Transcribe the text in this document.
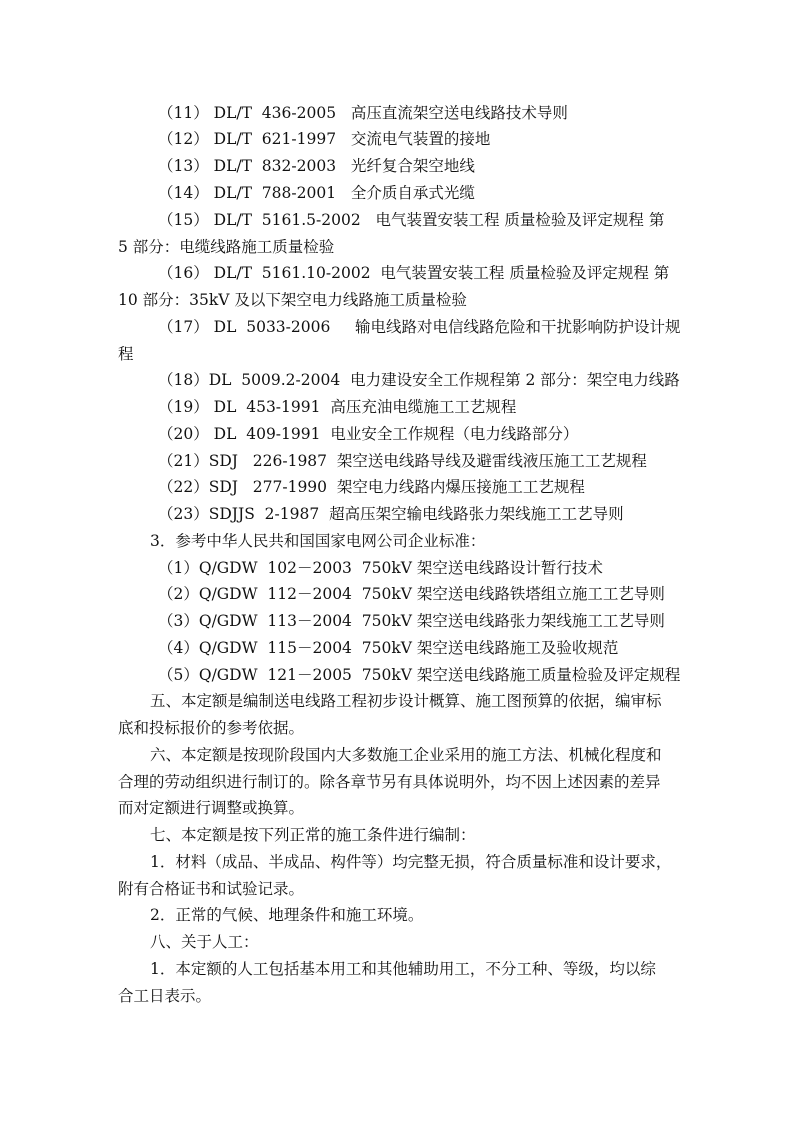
（11） DL/T  436-2005   高压直流架空送电线路技术导则
（12） DL/T  621-1997   交流电气装置的接地
（13） DL/T  832-2003   光纤复合架空地线
（14） DL/T  788-2001   全介质自承式光缆
（15） DL/T  5161.5-2002   电气装置安装工程 质量检验及评定规程 第
5 部分：电缆线路施工质量检验
（16） DL/T  5161.10-2002  电气装置安装工程 质量检验及评定规程 第
10 部分：35kV 及以下架空电力线路施工质量检验
（17） DL  5033-2006     输电线路对电信线路危险和干扰影响防护设计规
程
（18）DL  5009.2-2004  电力建设安全工作规程第 2 部分：架空电力线路
（19） DL  453-1991  高压充油电缆施工工艺规程
（20） DL  409-1991  电业安全工作规程（电力线路部分）
（21）SDJ   226-1987  架空送电线路导线及避雷线液压施工工艺规程
（22）SDJ   277-1990  架空电力线路内爆压接施工工艺规程
（23）SDJJS  2-1987  超高压架空输电线路张力架线施工工艺导则
3．参考中华人民共和国国家电网公司企业标准：
（1）Q/GDW  102－2003  750kV 架空送电线路设计暂行技术
（2）Q/GDW  112－2004  750kV 架空送电线路铁塔组立施工工艺导则
（3）Q/GDW  113－2004  750kV 架空送电线路张力架线施工工艺导则
（4）Q/GDW  115－2004  750kV 架空送电线路施工及验收规范
（5）Q/GDW  121－2005  750kV 架空送电线路施工质量检验及评定规程
五、本定额是编制送电线路工程初步设计概算、施工图预算的依据，编审标
底和投标报价的参考依据。
六、本定额是按现阶段国内大多数施工企业采用的施工方法、机械化程度和
合理的劳动组织进行制订的。除各章节另有具体说明外，均不因上述因素的差异
而对定额进行调整或换算。
七、本定额是按下列正常的施工条件进行编制：
1．材料（成品、半成品、构件等）均完整无损，符合质量标准和设计要求，
附有合格证书和试验记录。
2．正常的气候、地理条件和施工环境。
八、关于人工：
1．本定额的人工包括基本用工和其他辅助用工，不分工种、等级，均以综
合工日表示。
